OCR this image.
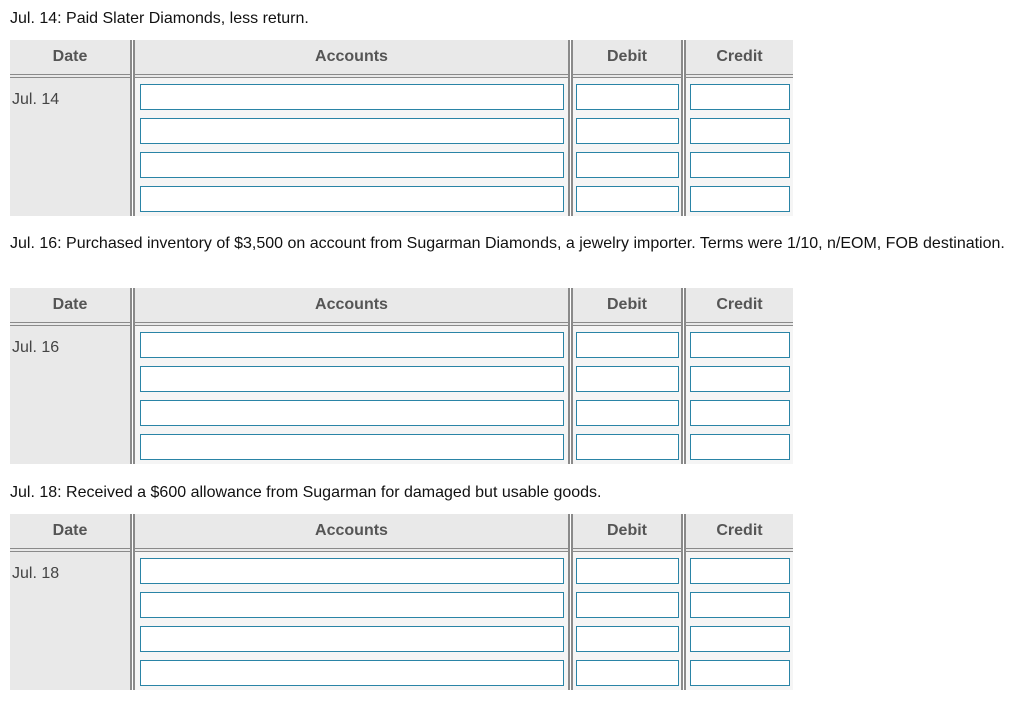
Jul. 14: Paid Slater Diamonds, less return.
Date	Accounts	Debit	Credit
Jul. 14
Jul. 16: Purchased inventory of $3,500 on account from Sugarman Diamonds, a jewelry importer. Terms were 1/10, n/EOM, FOB destination.
Date	Accounts	Debit	Credit
Jul. 16
Jul. 18: Received a $600 allowance from Sugarman for damaged but usable goods.
Date	Accounts	Debit	Credit
Jul. 18
